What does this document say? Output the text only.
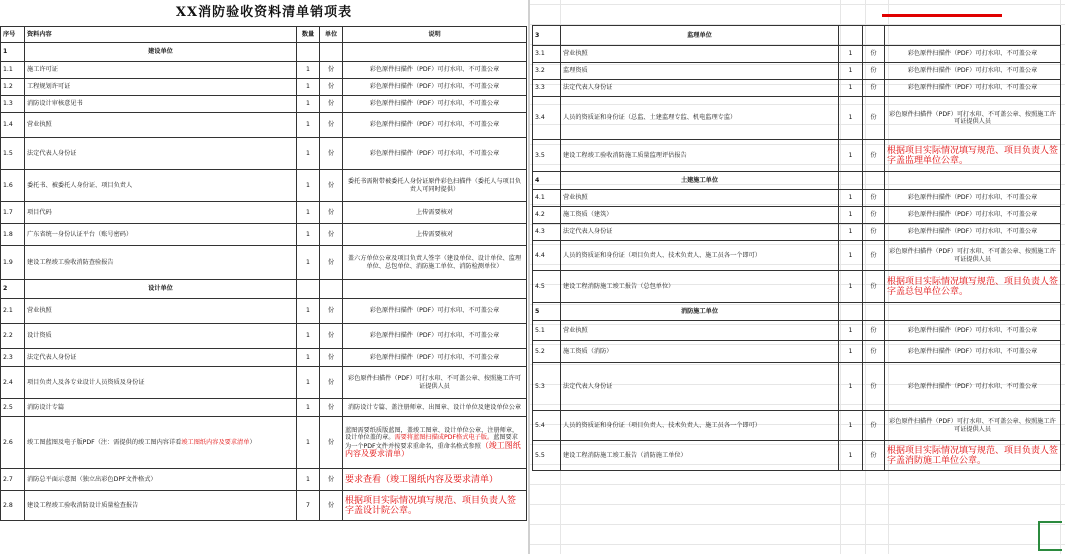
XX消防验收资料清单销项表
序号	资料内容	数量	单位	说明
1	建设单位			
1.1	施工许可证	1	份	彩色原件扫描件（PDF）可打水印、不可盖公章
1.2	工程规划许可证	1	份	彩色原件扫描件（PDF）可打水印、不可盖公章
1.3	消防设计审核意见书	1	份	彩色原件扫描件（PDF）可打水印、不可盖公章
1.4	营业执照	1	份	彩色原件扫描件（PDF）可打水印、不可盖公章
1.5	法定代表人身份证	1	份	彩色原件扫描件（PDF）可打水印、不可盖公章
1.6	委托书、被委托人身份证、项目负责人	1	份	委托书需附带被委托人身份证原件彩色扫描件（委托人与项目负责人可同时提供）
1.7	项目代码	1	份	上传需要核对
1.8	广东省统一身份认证平台（账号密码）	1	份	上传需要核对
1.9	建设工程竣工验收消防查验报告	1	份	盖六方单位公章及项目负责人签字（建设单位、设计单位、监理单位、总包单位、消防施工单位、消防检测单位）
2	设计单位			
2.1	营业执照	1	份	彩色原件扫描件（PDF）可打水印、不可盖公章
2.2	设计资质	1	份	彩色原件扫描件（PDF）可打水印、不可盖公章
2.3	法定代表人身份证	1	份	彩色原件扫描件（PDF）可打水印、不可盖公章
2.4	项目负责人及各专业设计人员资质及身份证	1	份	彩色原件扫描件（PDF）可打水印、不可盖公章、按照施工许可证提供人员
2.5	消防设计专篇	1	份	消防设计专篇、盖注册师章、出图章、设计单位及建设单位公章
2.6	竣工图蓝图及电子版PDF（注：需提供的竣工图内容详看竣工图纸内容及要求清单）	1	份	蓝图需要纸质版蓝图，盖竣工图章、设计单位公章、注册师章，设计单位盖的章。需要将蓝图扫描成PDF格式电子版。蓝图要求为一个PDF文件并按要求重命名，重命名格式参照（竣工图纸内容及要求清单）
2.7	消防总平面示意图（独立出彩色DPF文件格式）	1	份	要求查看（竣工图纸内容及要求清单）
2.8	建设工程竣工验收消防设计质量检查报告	7	份	根据项目实际情况填写规范、项目负责人签字盖设计院公章。
3	监理单位			
3.1	营业执照	1	份	彩色原件扫描件（PDF）可打水印、不可盖公章
3.2	监理资质	1	份	彩色原件扫描件（PDF）可打水印、不可盖公章
3.3	法定代表人身份证	1	份	彩色原件扫描件（PDF）可打水印、不可盖公章
3.4	人员的资质证和身份证（总监、土建监理专监、机电监理专监）	1	份	彩色原件扫描件（PDF）可打水印、不可盖公章、按照施工许可证提供人员
3.5	建设工程竣工验收消防施工质量监理评估报告	1	份	根据项目实际情况填写规范、项目负责人签字盖监理单位公章。
4	土建施工单位			
4.1	营业执照	1	份	彩色原件扫描件（PDF）可打水印、不可盖公章
4.2	施工资质（建筑）	1	份	彩色原件扫描件（PDF）可打水印、不可盖公章
4.3	法定代表人身份证	1	份	彩色原件扫描件（PDF）可打水印、不可盖公章
4.4	人员的资质证和身份证（项目负责人、技术负责人、施工员各一个即可）	1	份	彩色原件扫描件（PDF）可打水印、不可盖公章、按照施工许可证提供人员
4.5	建设工程消防施工竣工报告（总包单位）	1	份	根据项目实际情况填写规范、项目负责人签字盖总包单位公章。
5	消防施工单位			
5.1	营业执照	1	份	彩色原件扫描件（PDF）可打水印、不可盖公章
5.2	施工资质（消防）	1	份	彩色原件扫描件（PDF）可打水印、不可盖公章
5.3	法定代表人身份证	1	份	彩色原件扫描件（PDF）可打水印、不可盖公章
5.4	人员的资质证和身份证（项目负责人、技术负责人、施工员各一个即可）	1	份	彩色原件扫描件（PDF）可打水印、不可盖公章、按照施工许可证提供人员
5.5	建设工程消防施工竣工报告（消防施工单位）	1	份	根据项目实际情况填写规范、项目负责人签字盖消防施工单位公章。
